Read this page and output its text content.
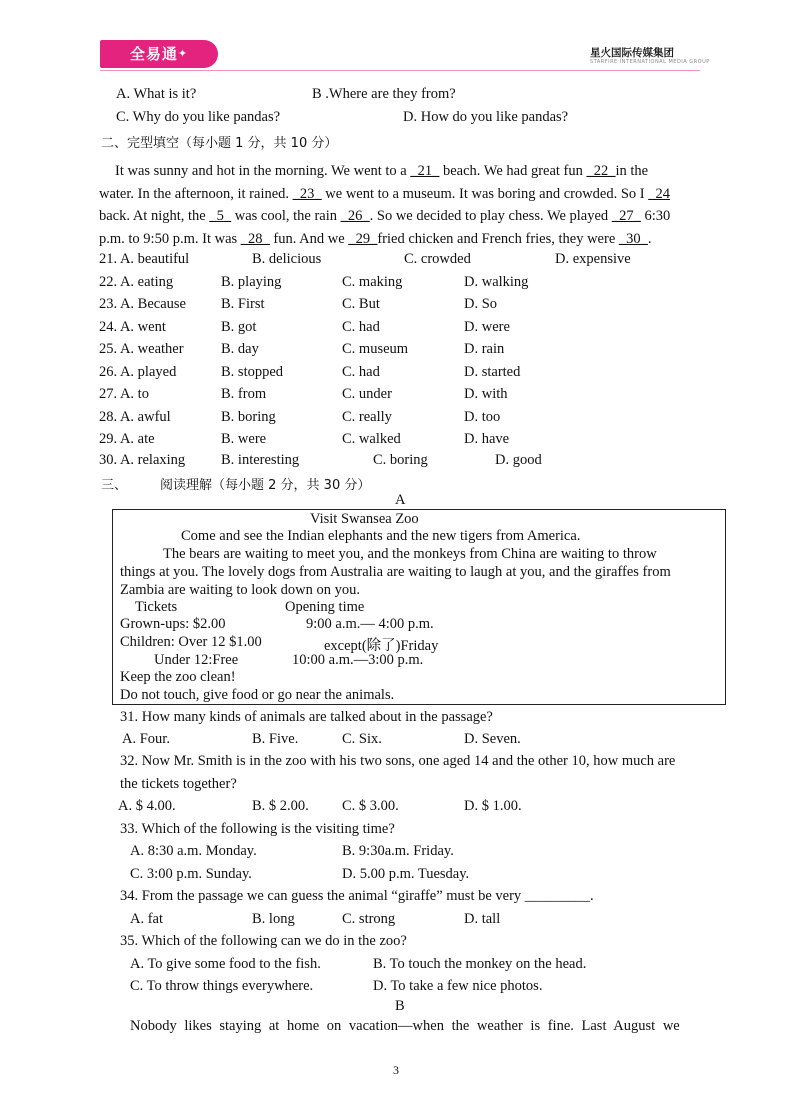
全易通✦	星火国际传媒集团
STARFIRE INTERNATIONAL MEDIA GROUP
A. What is it?	B .Where are they from?
C. Why do you like pandas?	D. How do you like pandas?
二、完型填空（每小题 1 分，共 10 分）
It was sunny and hot in the morning. We went to a _21_ beach. We had great fun _22_in the
water. In the afternoon, it rained. _23_ we went to a museum. It was boring and crowded. So I _24
back. At night, the _5_ was cool, the rain _26_. So we decided to play chess. We played _27_ 6:30
p.m. to 9:50 p.m. It was _28_ fun. And we _29_fried chicken and French fries, they were _30_.
21. A. beautiful	B. delicious	C. crowded	D. expensive
22. A. eating	B. playing	C. making	D. walking
23. A. Because B. First	C. But	D. So
24. A. went	B. got	C. had	D. were
25. A. weather	B. day	C. museum	D. rain
26. A. played	B. stopped	C. had	D. started
27. A. to	B. from	C. under	D. with
28. A. awful	B. boring	C. really	D. too
29. A. ate	B. were	C. walked	D. have
30. A. relaxing B. interesting	C. boring	D. good
三、	阅读理解（每小题 2 分，共 30 分）
A
Visit Swansea Zoo
Come and see the Indian elephants and the new tigers from America.
The bears are waiting to meet you, and the monkeys from China are waiting to throw
things at you. The lovely dogs from Australia are waiting to laugh at you, and the giraffes from
Zambia are waiting to look down on you.
Tickets	Opening time
Grown-ups: $2.00	9:00 a.m.— 4:00 p.m.
Children: Over 12 $1.00	except(除了)Friday
Under 12:Free	10:00 a.m.—3:00 p.m.
Keep the zoo clean!
Do not touch, give food or go near the animals.
31. How many kinds of animals are talked about in the passage?
A. Four.	B. Five.	C. Six.	D. Seven.
32. Now Mr. Smith is in the zoo with his two sons, one aged 14 and the other 10, how much are
the tickets together?
A. $ 4.00.	B. $ 2.00. C. $ 3.00.	D. $ 1.00.
33. Which of the following is the visiting time?
A. 8:30 a.m. Monday.	B. 9:30a.m. Friday.
C. 3:00 p.m. Sunday.	D. 5.00 p.m. Tuesday.
34. From the passage we can guess the animal “giraffe” must be very _________.
A. fat	B. long	C. strong	D. tall
35. Which of the following can we do in the zoo?
A. To give some food to the fish.	B. To touch the monkey on the head.
C. To throw things everywhere.	D. To take a few nice photos.
B
Nobody likes staying at home on vacation—when the weather is fine. Last August we
3
